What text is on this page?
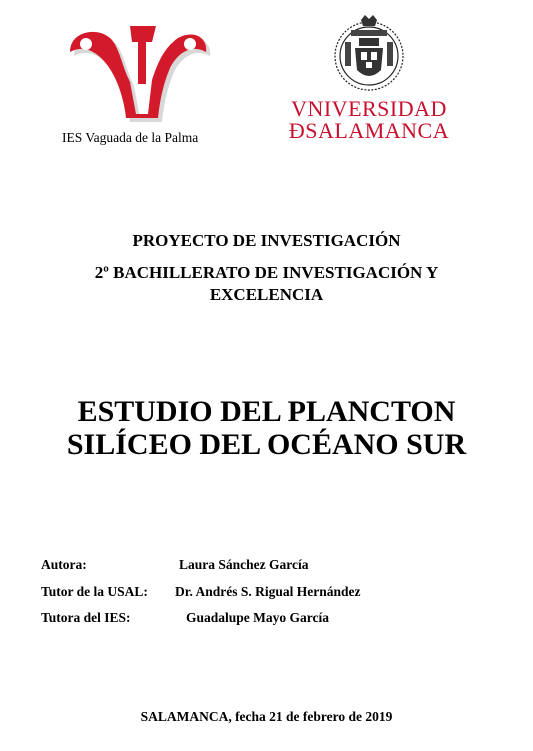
IES Vaguada de la Palma
VNIVERSIDAD
ÐSALAMANCA
PROYECTO DE INVESTIGACIÓN
2º BACHILLERATO DE INVESTIGACIÓN Y
EXCELENCIA
ESTUDIO DEL PLANCTON
SILÍCEO DEL OCÉANO SUR
Autora:	Laura Sánchez García
Tutor de la USAL: Dr. Andrés S. Rigual Hernández
Tutora del IES:	Guadalupe Mayo García
SALAMANCA, fecha 21 de febrero de 2019
